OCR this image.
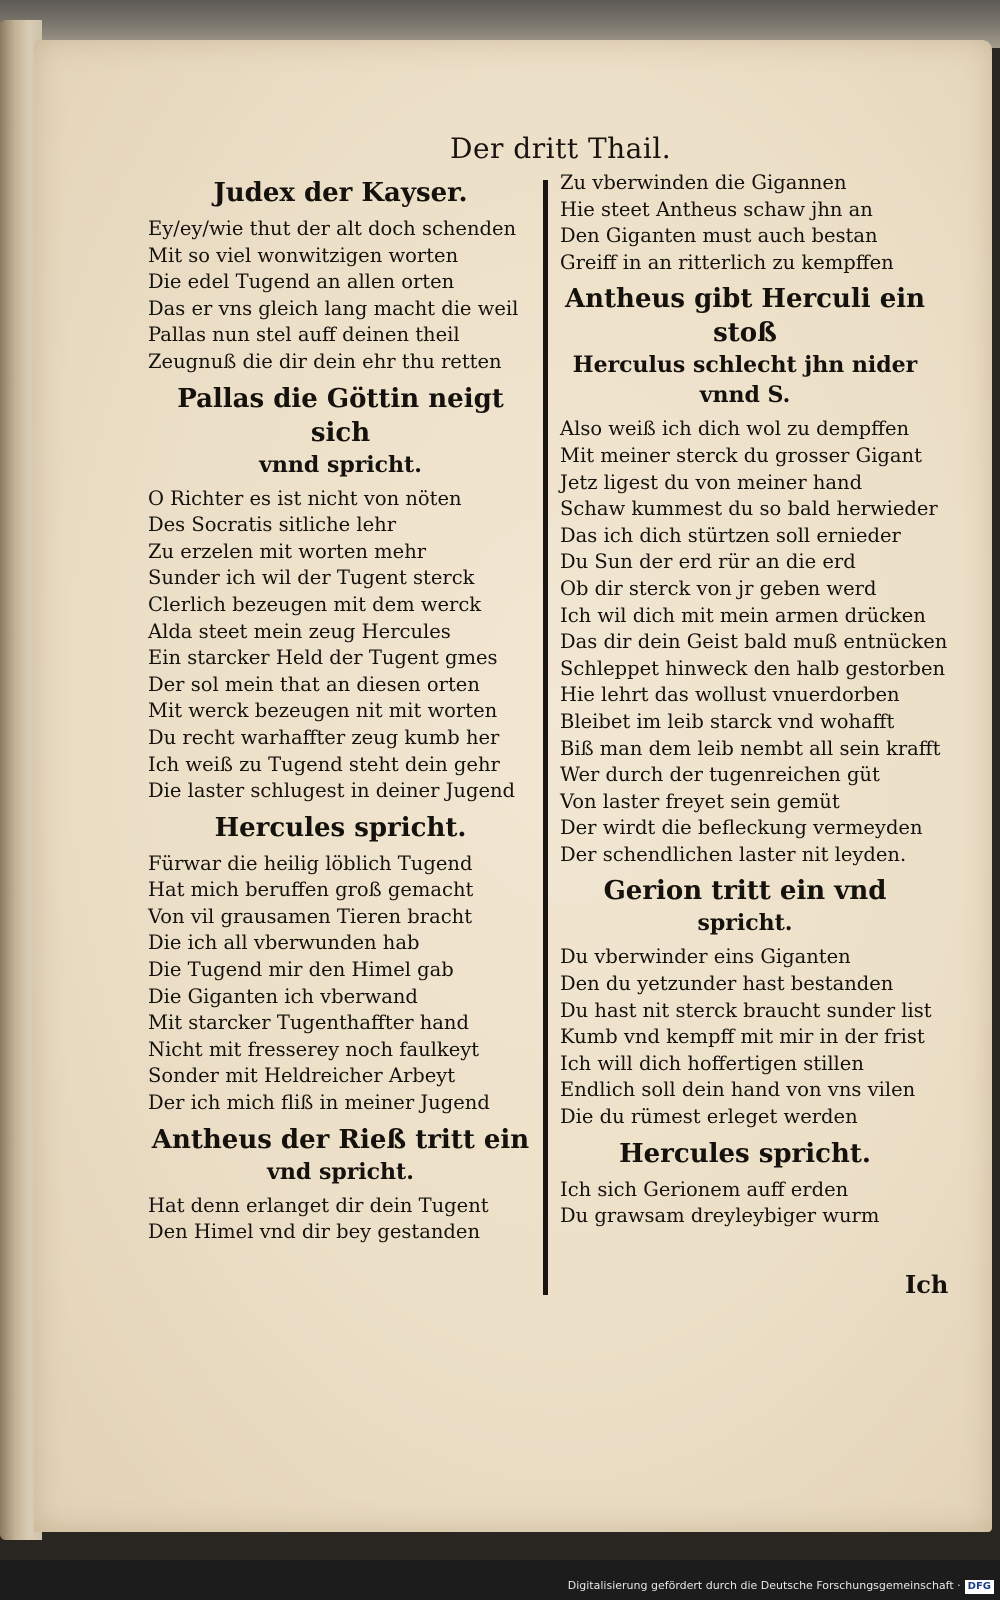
Der dritt Thail.
Judex der Kayser.
Ey/ey/wie thut der alt doch schenden
Mit so viel wonwitzigen worten
Die edel Tugend an allen orten
Das er vns gleich lang macht die weil
Pallas nun stel auff deinen theil
Zeugnuß die dir dein ehr thu retten
Pallas die Göttin neigt sich
vnnd spricht.
O Richter es ist nicht von nöten
Des Socratis sitliche lehr
Zu erzelen mit worten mehr
Sunder ich wil der Tugent sterck
Clerlich bezeugen mit dem werck
Alda steet mein zeug Hercules
Ein starcker Held der Tugent gmes
Der sol mein that an diesen orten
Mit werck bezeugen nit mit worten
Du recht warhaffter zeug kumb her
Ich weiß zu Tugend steht dein gehr
Die laster schlugest in deiner Jugend
Hercules spricht.
Fürwar die heilig löblich Tugend
Hat mich beruffen groß gemacht
Von vil grausamen Tieren bracht
Die ich all vberwunden hab
Die Tugend mir den Himel gab
Die Giganten ich vberwand
Mit starcker Tugenthaffter hand
Nicht mit fresserey noch faulkeyt
Sonder mit Heldreicher Arbeyt
Der ich mich fliß in meiner Jugend
Antheus der Rieß tritt ein
vnd spricht.
Hat denn erlanget dir dein Tugent
Den Himel vnd dir bey gestanden
Zu vberwinden die Gigannen
Hie steet Antheus schaw jhn an
Den Giganten must auch bestan
Greiff in an ritterlich zu kempffen
Antheus gibt Herculi ein stoß
Herculus schlecht jhn nider vnnd S.
Also weiß ich dich wol zu dempffen
Mit meiner sterck du grosser Gigant
Jetz ligest du von meiner hand
Schaw kummest du so bald herwieder
Das ich dich stürtzen soll ernieder
Du Sun der erd rür an die erd
Ob dir sterck von jr geben werd
Ich wil dich mit mein armen drücken
Das dir dein Geist bald muß entnücken
Schleppet hinweck den halb gestorben
Hie lehrt das wollust vnuerdorben
Bleibet im leib starck vnd wohafft
Biß man dem leib nembt all sein krafft
Wer durch der tugenreichen güt
Von laster freyet sein gemüt
Der wirdt die befleckung vermeyden
Der schendlichen laster nit leyden.
Gerion tritt ein vnd
spricht.
Du vberwinder eins Giganten
Den du yetzunder hast bestanden
Du hast nit sterck braucht sunder list
Kumb vnd kempff mit mir in der frist
Ich will dich hoffertigen stillen
Endlich soll dein hand von vns vilen
Die du rümest erleget werden
Hercules spricht.
Ich sich Gerionem auff erden
Du grawsam dreyleybiger wurm
Ich
Digitalisierung gefördert durch die Deutsche Forschungsgemeinschaft · DFG
